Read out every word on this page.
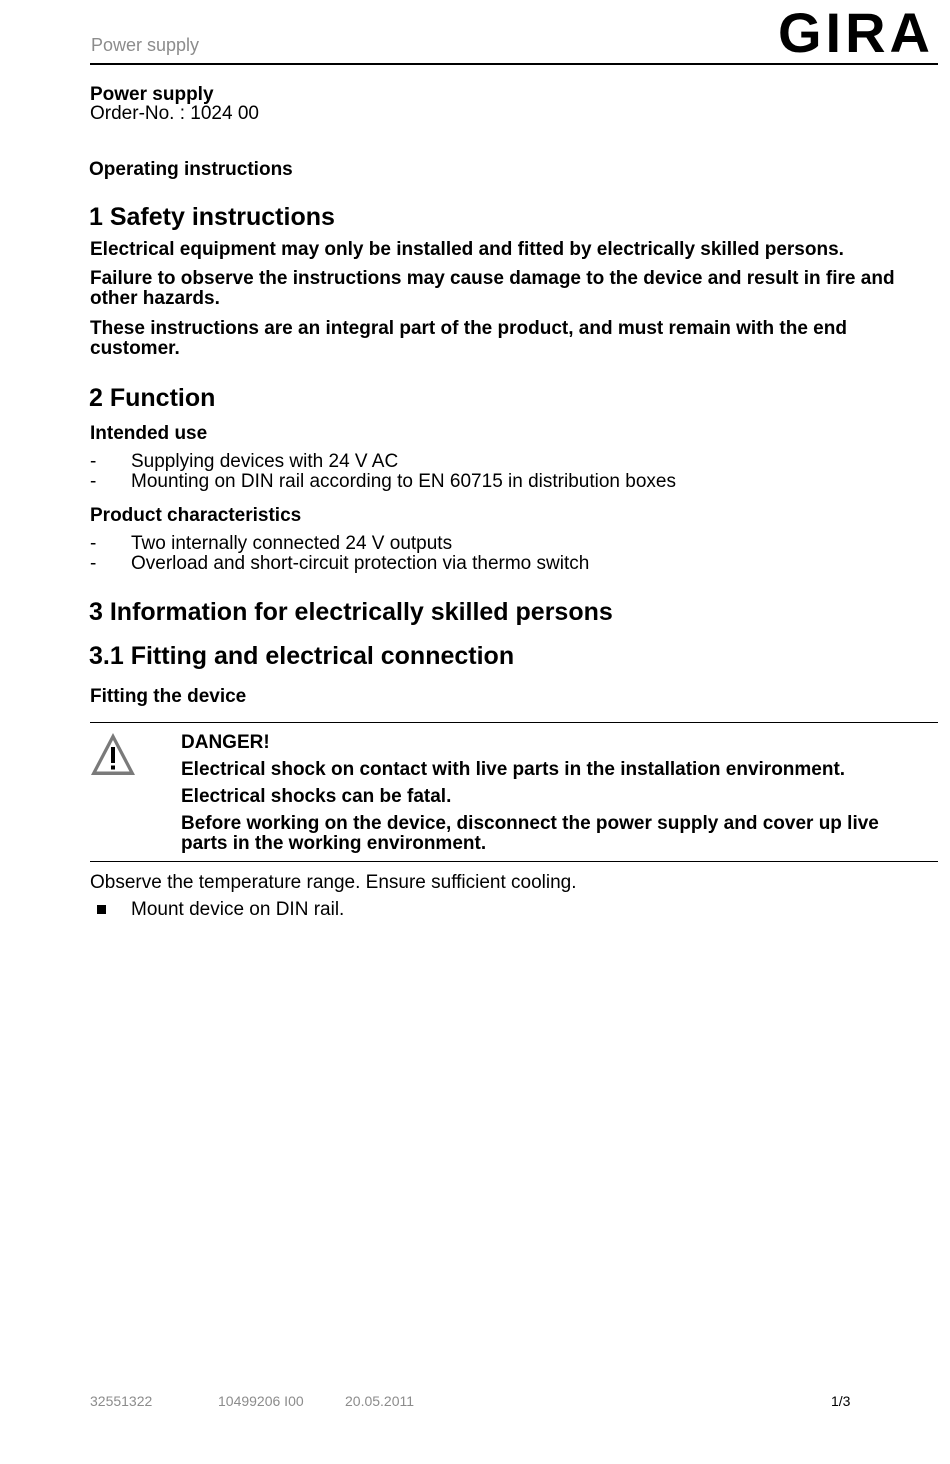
Power supply	GIRA
Power supply
Order-No. : 1024 00
Operating instructions
1 Safety instructions
Electrical equipment may only be installed and fitted by electrically skilled persons.
Failure to observe the instructions may cause damage to the device and result in fire and
other hazards.
These instructions are an integral part of the product, and must remain with the end
customer.
2 Function
Intended use
- Supplying devices with 24 V AC
- Mounting on DIN rail according to EN 60715 in distribution boxes
Product characteristics
- Two internally connected 24 V outputs
- Overload and short-circuit protection via thermo switch
3 Information for electrically skilled persons
3.1 Fitting and electrical connection
Fitting the device
DANGER!
Electrical shock on contact with live parts in the installation environment.
Electrical shocks can be fatal.
Before working on the device, disconnect the power supply and cover up live
parts in the working environment.
Observe the temperature range. Ensure sufficient cooling.
Mount device on DIN rail.
32551322	10499206 I00	20.05.2011	1/3
